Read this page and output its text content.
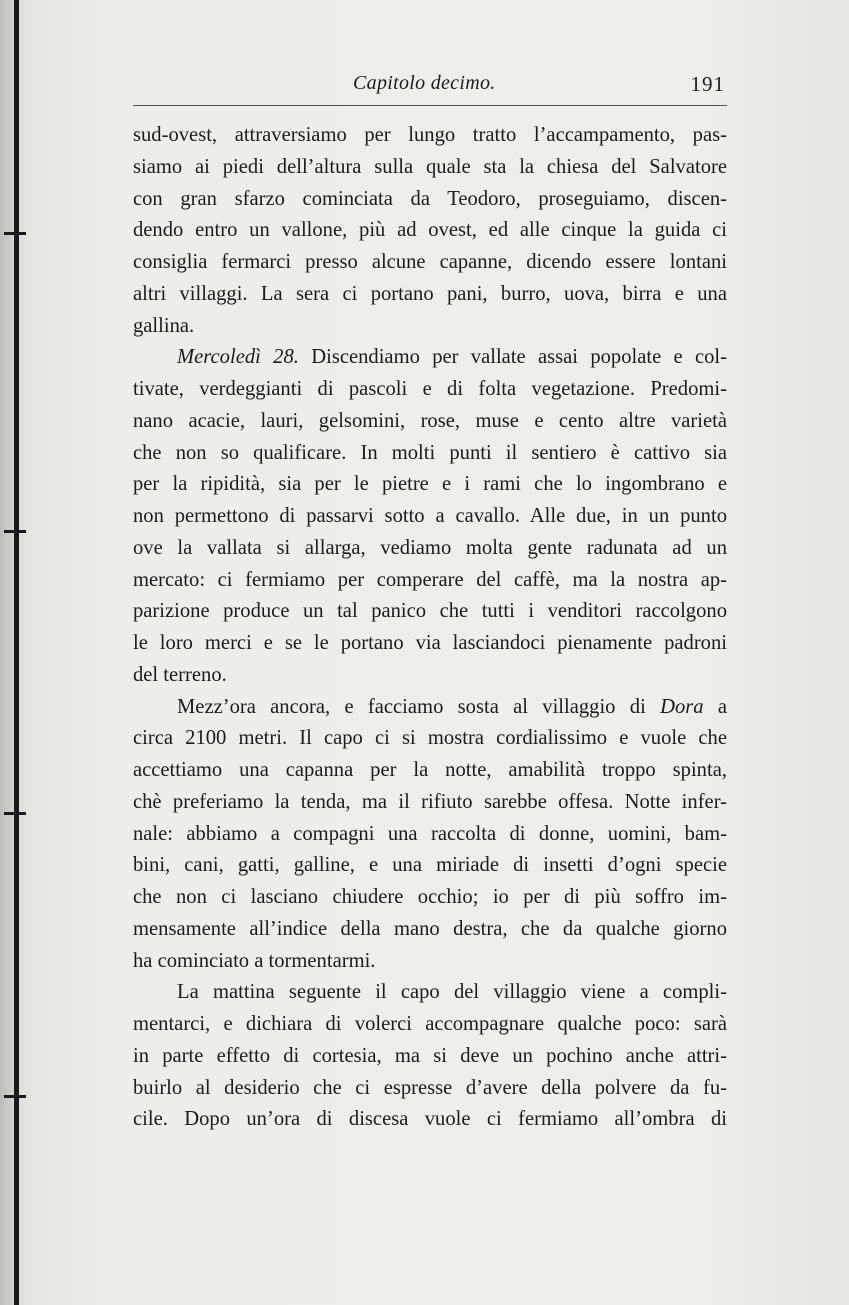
Capitolo decimo.	191
sud-ovest, attraversiamo per lungo tratto l’accampamento, pas-
siamo ai piedi dell’altura sulla quale sta la chiesa del Salvatore
con gran sfarzo cominciata da Teodoro, proseguiamo, discen-
dendo entro un vallone, più ad ovest, ed alle cinque la guida ci
consiglia fermarci presso alcune capanne, dicendo essere lontani
altri villaggi. La sera ci portano pani, burro, uova, birra e una
gallina.
Mercoledì 28. Discendiamo per vallate assai popolate e col-
tivate, verdeggianti di pascoli e di folta vegetazione. Predomi-
nano acacie, lauri, gelsomini, rose, muse e cento altre varietà
che non so qualificare. In molti punti il sentiero è cattivo sia
per la ripidità, sia per le pietre e i rami che lo ingombrano e
non permettono di passarvi sotto a cavallo. Alle due, in un punto
ove la vallata si allarga, vediamo molta gente radunata ad un
mercato: ci fermiamo per comperare del caffè, ma la nostra ap-
parizione produce un tal panico che tutti i venditori raccolgono
le loro merci e se le portano via lasciandoci pienamente padroni
del terreno.
Mezz’ora ancora, e facciamo sosta al villaggio di Dora a
circa 2100 metri. Il capo ci si mostra cordialissimo e vuole che
accettiamo una capanna per la notte, amabilità troppo spinta,
chè preferiamo la tenda, ma il rifiuto sarebbe offesa. Notte infer-
nale: abbiamo a compagni una raccolta di donne, uomini, bam-
bini, cani, gatti, galline, e una miriade di insetti d’ogni specie
che non ci lasciano chiudere occhio; io per di più soffro im-
mensamente all’indice della mano destra, che da qualche giorno
ha cominciato a tormentarmi.
La mattina seguente il capo del villaggio viene a compli-
mentarci, e dichiara di volerci accompagnare qualche poco: sarà
in parte effetto di cortesia, ma si deve un pochino anche attri-
buirlo al desiderio che ci espresse d’avere della polvere da fu-
cile. Dopo un’ora di discesa vuole ci fermiamo all’ombra di
